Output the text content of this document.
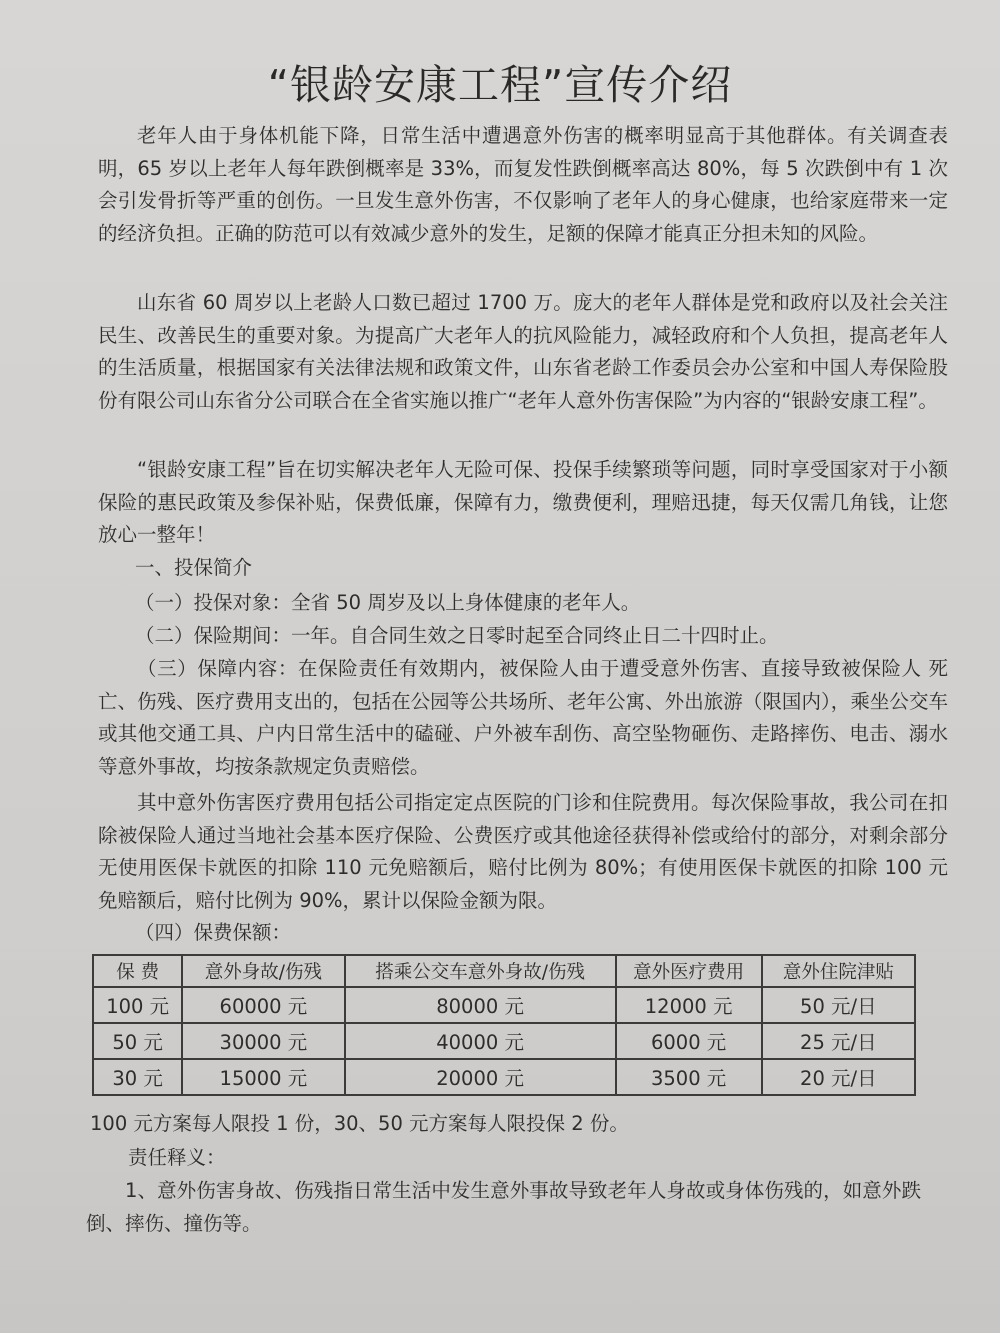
“银龄安康工程”宣传介绍

老年人由于身体机能下降，日常生活中遭遇意外伤害的概率明显高于其他群体。有关调查表明，65 岁以上老年人每年跌倒概率是 33%，而复发性跌倒概率高达 80%，每 5 次跌倒中有 1 次会引发骨折等严重的创伤。一旦发生意外伤害，不仅影响了老年人的身心健康，也给家庭带来一定的经济负担。正确的防范可以有效减少意外的发生，足额的保障才能真正分担未知的风险。

山东省 60 周岁以上老龄人口数已超过 1700 万。庞大的老年人群体是党和政府以及社会关注民生、改善民生的重要对象。为提高广大老年人的抗风险能力，减轻政府和个人负担，提高老年人的生活质量，根据国家有关法律法规和政策文件，山东省老龄工作委员会办公室和中国人寿保险股份有限公司山东省分公司联合在全省实施以推广“老年人意外伤害保险”为内容的“银龄安康工程”。

“银龄安康工程”旨在切实解决老年人无险可保、投保手续繁琐等问题，同时享受国家对于小额保险的惠民政策及参保补贴，保费低廉，保障有力，缴费便利，理赔迅捷，每天仅需几角钱，让您放心一整年！

一、投保简介
（一）投保对象：全省 50 周岁及以上身体健康的老年人。
（二）保险期间：一年。自合同生效之日零时起至合同终止日二十四时止。

（三）保障内容：在保险责任有效期内，被保险人由于遭受意外伤害、直接导致被保险人 死亡、伤残、医疗费用支出的，包括在公园等公共场所、老年公寓、外出旅游（限国内），乘坐公交车或其他交通工具、户内日常生活中的磕碰、户外被车刮伤、高空坠物砸伤、走路摔伤、电击、溺水等意外事故，均按条款规定负责赔偿。

其中意外伤害医疗费用包括公司指定定点医院的门诊和住院费用。每次保险事故，我公司在扣除被保险人通过当地社会基本医疗保险、公费医疗或其他途径获得补偿或给付的部分，对剩余部分无使用医保卡就医的扣除 110 元免赔额后，赔付比例为 80%；有使用医保卡就医的扣除 100 元免赔额后，赔付比例为 90%，累计以保险金额为限。

（四）保费保额：
保 费	意外身故/伤残	搭乘公交车意外身故/伤残	意外医疗费用	意外住院津贴
100 元	60000 元	80000 元	12000 元	50 元/日
50 元	30000 元	40000 元	6000 元	25 元/日
30 元	15000 元	20000 元	3500 元	20 元/日
100 元方案每人限投 1 份，30、50 元方案每人限投保 2 份。
责任释义：

1、意外伤害身故、伤残指日常生活中发生意外事故导致老年人身故或身体伤残的，如意外跌倒、摔伤、撞伤等。
